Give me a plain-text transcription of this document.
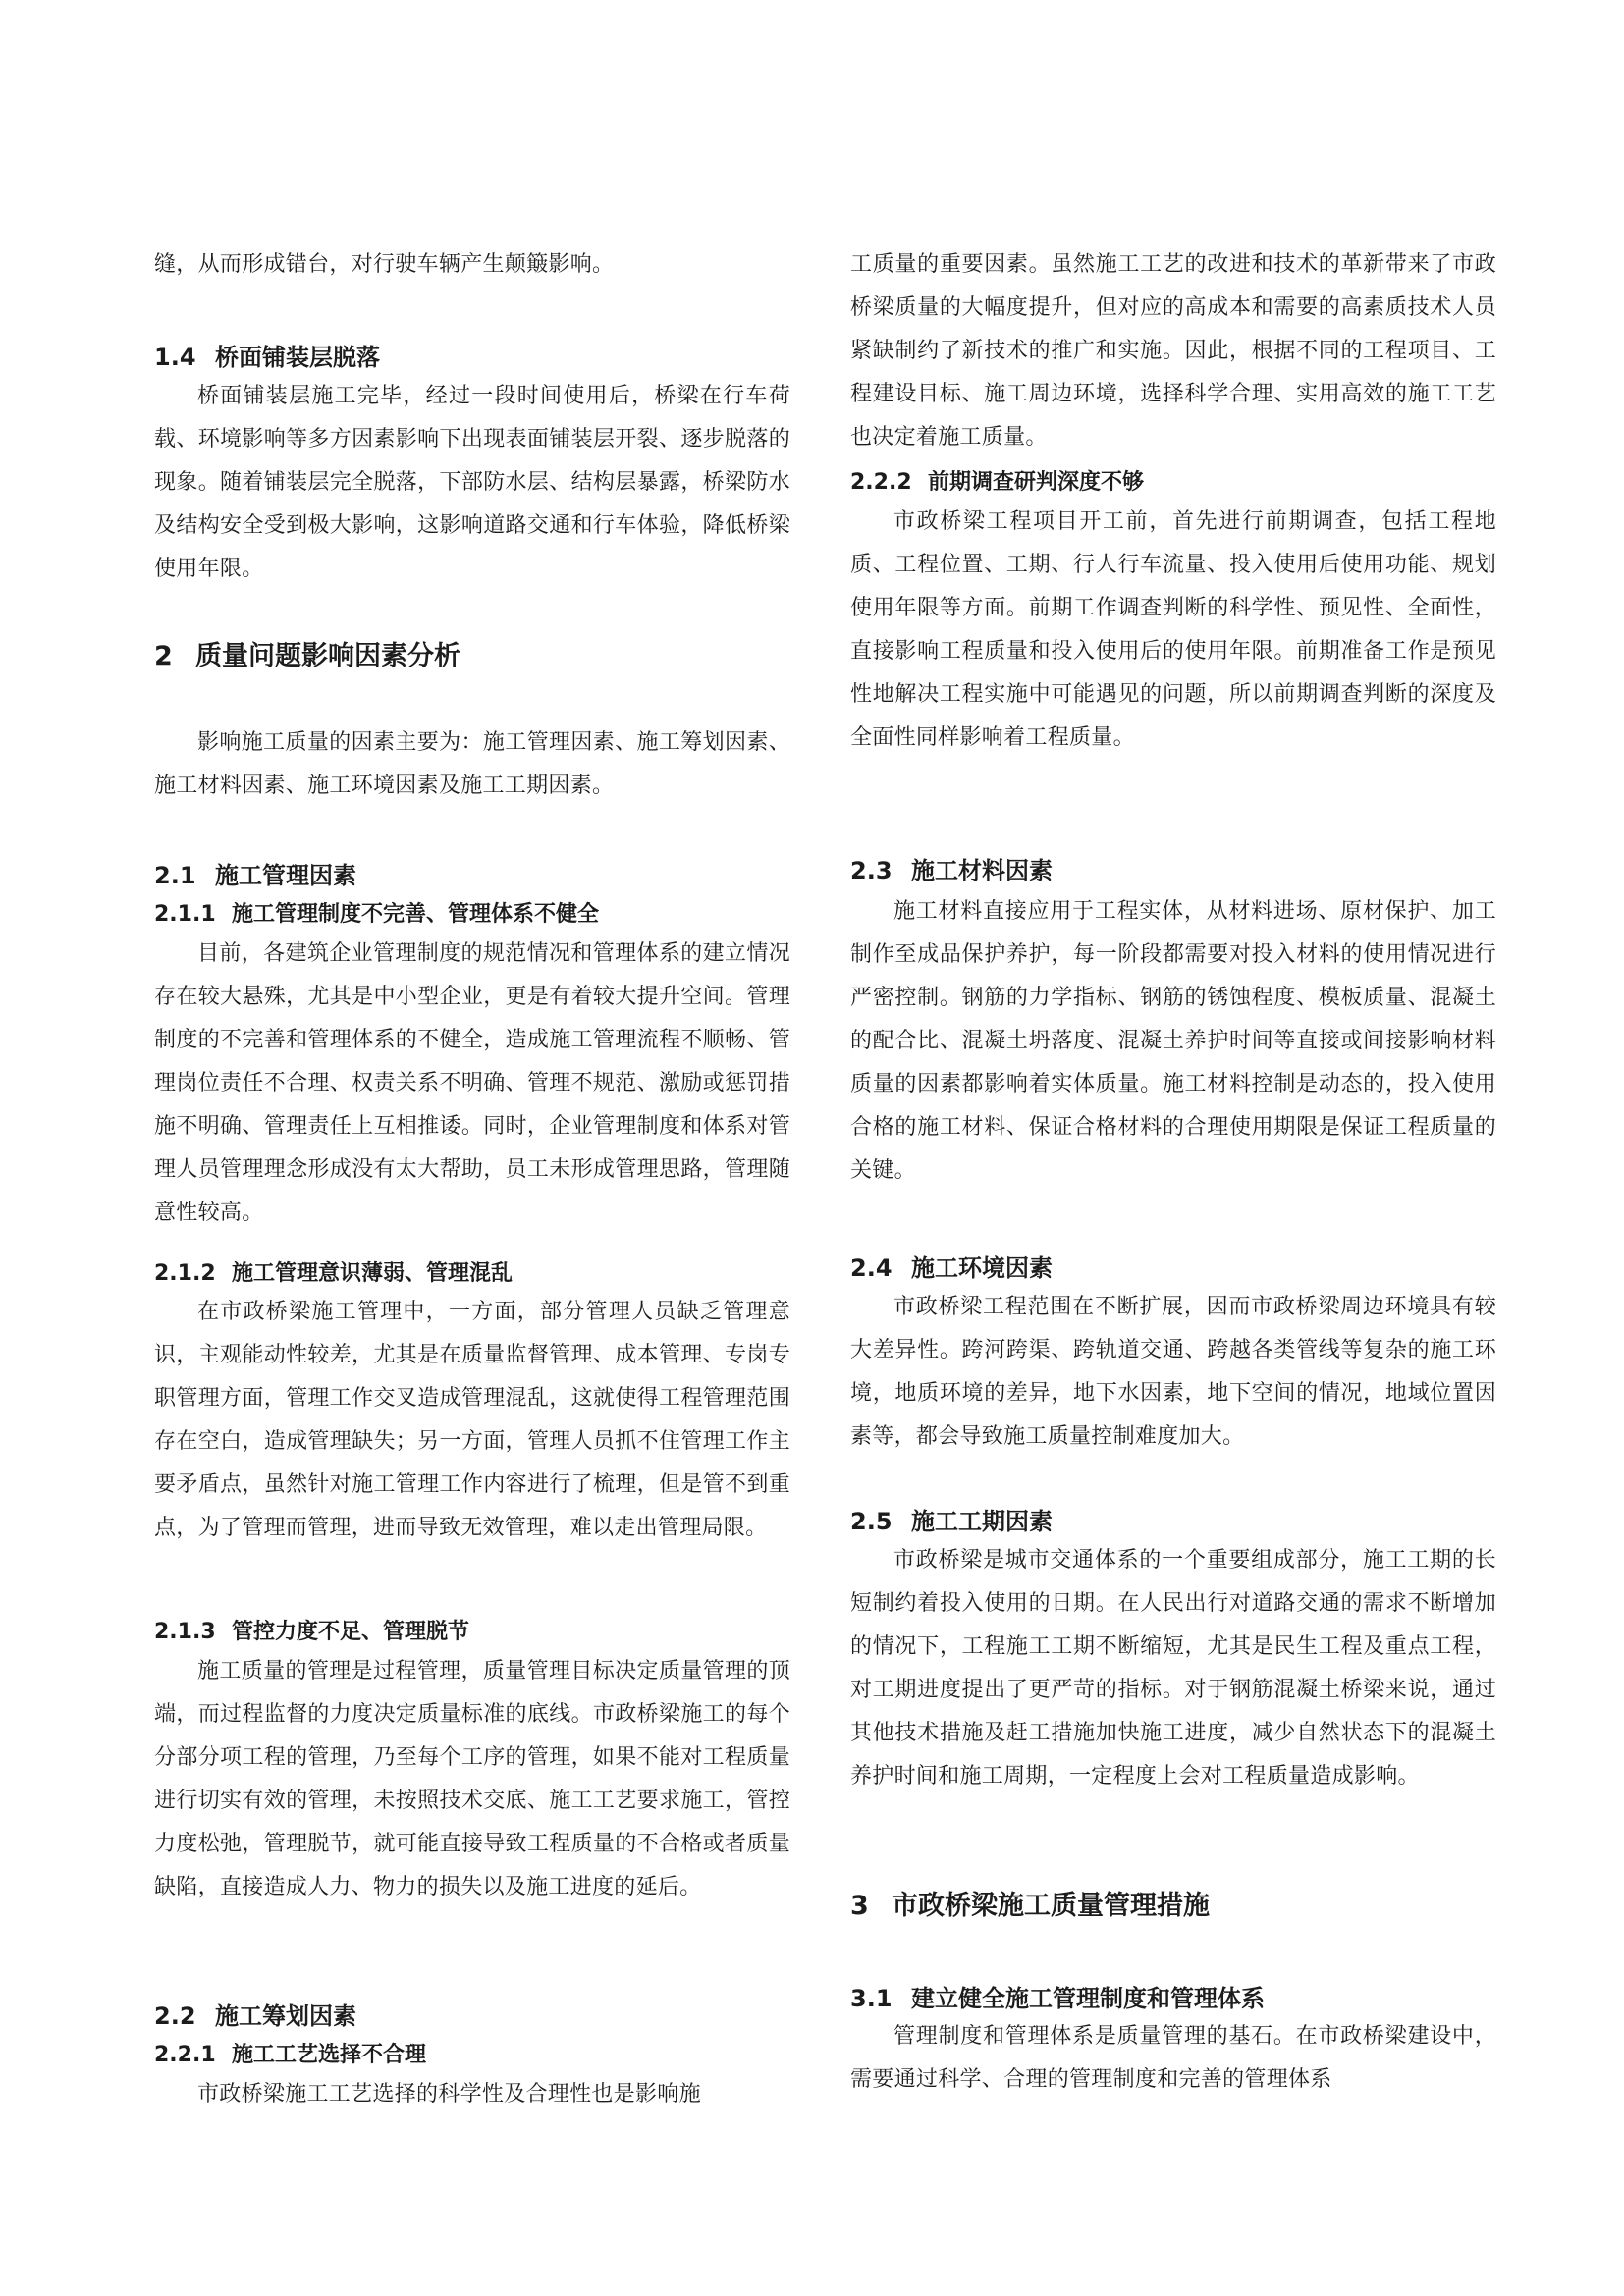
缝，从而形成错台，对行驶车辆产生颠簸影响。

1.4 桥面铺装层脱落

桥面铺装层施工完毕，经过一段时间使用后，桥梁在行车荷载、环境影响等多方因素影响下出现表面铺装层开裂、逐步脱落的现象。随着铺装层完全脱落，下部防水层、结构层暴露，桥梁防水及结构安全受到极大影响，这影响道路交通和行车体验，降低桥梁使用年限。

2 质量问题影响因素分析

影响施工质量的因素主要为：施工管理因素、施工筹划因素、施工材料因素、施工环境因素及施工工期因素。

2.1 施工管理因素
2.1.1 施工管理制度不完善、管理体系不健全

目前，各建筑企业管理制度的规范情况和管理体系的建立情况存在较大悬殊，尤其是中小型企业，更是有着较大提升空间。管理制度的不完善和管理体系的不健全，造成施工管理流程不顺畅、管理岗位责任不合理、权责关系不明确、管理不规范、激励或惩罚措施不明确、管理责任上互相推诿。同时，企业管理制度和体系对管理人员管理理念形成没有太大帮助，员工未形成管理思路，管理随意性较高。

2.1.2 施工管理意识薄弱、管理混乱

在市政桥梁施工管理中，一方面，部分管理人员缺乏管理意识，主观能动性较差，尤其是在质量监督管理、成本管理、专岗专职管理方面，管理工作交叉造成管理混乱，这就使得工程管理范围存在空白，造成管理缺失；另一方面，管理人员抓不住管理工作主要矛盾点，虽然针对施工管理工作内容进行了梳理，但是管不到重点，为了管理而管理，进而导致无效管理，难以走出管理局限。

2.1.3 管控力度不足、管理脱节

施工质量的管理是过程管理，质量管理目标决定质量管理的顶端，而过程监督的力度决定质量标准的底线。市政桥梁施工的每个分部分项工程的管理，乃至每个工序的管理，如果不能对工程质量进行切实有效的管理，未按照技术交底、施工工艺要求施工，管控力度松弛，管理脱节，就可能直接导致工程质量的不合格或者质量缺陷，直接造成人力、物力的损失以及施工进度的延后。

2.2 施工筹划因素
2.2.1 施工工艺选择不合理

市政桥梁施工工艺选择的科学性及合理性也是影响施

工质量的重要因素。虽然施工工艺的改进和技术的革新带来了市政桥梁质量的大幅度提升，但对应的高成本和需要的高素质技术人员紧缺制约了新技术的推广和实施。因此，根据不同的工程项目、工程建设目标、施工周边环境，选择科学合理、实用高效的施工工艺也决定着施工质量。

2.2.2 前期调查研判深度不够

市政桥梁工程项目开工前，首先进行前期调查，包括工程地质、工程位置、工期、行人行车流量、投入使用后使用功能、规划使用年限等方面。前期工作调查判断的科学性、预见性、全面性，直接影响工程质量和投入使用后的使用年限。前期准备工作是预见性地解决工程实施中可能遇见的问题，所以前期调查判断的深度及全面性同样影响着工程质量。

2.3 施工材料因素

施工材料直接应用于工程实体，从材料进场、原材保护、加工制作至成品保护养护，每一阶段都需要对投入材料的使用情况进行严密控制。钢筋的力学指标、钢筋的锈蚀程度、模板质量、混凝土的配合比、混凝土坍落度、混凝土养护时间等直接或间接影响材料质量的因素都影响着实体质量。施工材料控制是动态的，投入使用合格的施工材料、保证合格材料的合理使用期限是保证工程质量的关键。

2.4 施工环境因素

市政桥梁工程范围在不断扩展，因而市政桥梁周边环境具有较大差异性。跨河跨渠、跨轨道交通、跨越各类管线等复杂的施工环境，地质环境的差异，地下水因素，地下空间的情况，地域位置因素等，都会导致施工质量控制难度加大。

2.5 施工工期因素

市政桥梁是城市交通体系的一个重要组成部分，施工工期的长短制约着投入使用的日期。在人民出行对道路交通的需求不断增加的情况下，工程施工工期不断缩短，尤其是民生工程及重点工程，对工期进度提出了更严苛的指标。对于钢筋混凝土桥梁来说，通过其他技术措施及赶工措施加快施工进度，减少自然状态下的混凝土养护时间和施工周期，一定程度上会对工程质量造成影响。

3 市政桥梁施工质量管理措施
3.1 建立健全施工管理制度和管理体系

管理制度和管理体系是质量管理的基石。在市政桥梁建设中，需要通过科学、合理的管理制度和完善的管理体系
